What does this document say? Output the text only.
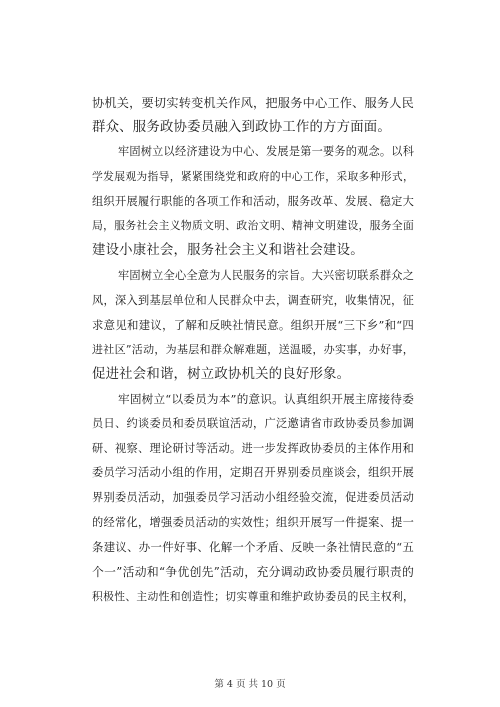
协机关，要切实转变机关作风，把服务中心工作、服务人民
群众、服务政协委员融入到政协工作的方方面面。
牢固树立以经济建设为中心、发展是第一要务的观念。以科
学发展观为指导，紧紧围绕党和政府的中心工作，采取多种形式，
组织开展履行职能的各项工作和活动，服务改革、发展、稳定大
局，服务社会主义物质文明、政治文明、精神文明建设，服务全面
建设小康社会，服务社会主义和谐社会建设。
牢固树立全心全意为人民服务的宗旨。大兴密切联系群众之
风，深入到基层单位和人民群众中去，调查研究，收集情况，征
求意见和建议，了解和反映社情民意。组织开展“三下乡”和“四
进社区”活动，为基层和群众解难题，送温暖，办实事，办好事，
促进社会和谐，树立政协机关的良好形象。
牢固树立“以委员为本”的意识。认真组织开展主席接待委
员日、约谈委员和委员联谊活动，广泛邀请省市政协委员参加调
研、视察、理论研讨等活动。进一步发挥政协委员的主体作用和
委员学习活动小组的作用，定期召开界别委员座谈会，组织开展
界别委员活动，加强委员学习活动小组经验交流，促进委员活动
的经常化，增强委员活动的实效性；组织开展写一件提案、提一
条建议、办一件好事、化解一个矛盾、反映一条社情民意的“五
个一”活动和“争优创先”活动，充分调动政协委员履行职责的
积极性、主动性和创造性；切实尊重和维护政协委员的民主权利，
第 4 页 共 10 页
